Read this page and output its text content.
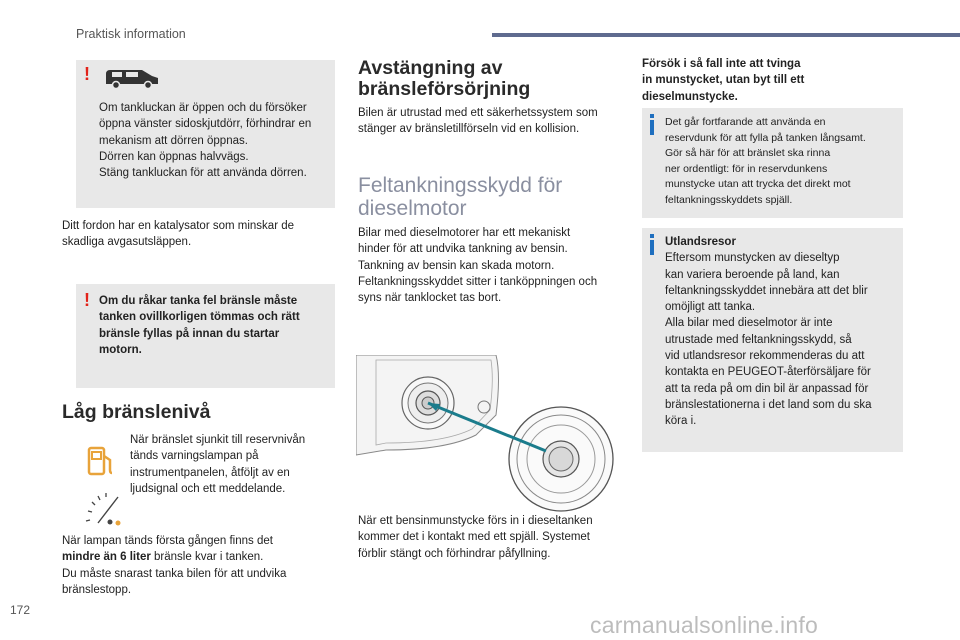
Praktisk information
!

Om tankluckan är öppen och du försöker

öppna vänster sidoskjutdörr, förhindrar en

mekanism att dörren öppnas.

Dörren kan öppnas halvvägs.

Stäng tankluckan för att använda dörren.

Ditt fordon har en katalysator som minskar de

skadliga avgasutsläppen.

! Om du råkar tanka fel bränsle måste

tanken ovillkorligen tömmas och rätt

bränsle fyllas på innan du startar

motorn.

Låg bränslenivå

När bränslet sjunkit till reservnivån

tänds varningslampan på

instrumentpanelen, åtföljt av en

ljudsignal och ett meddelande.

När lampan tänds första gången finns det

mindre än 6 liter bränsle kvar i tanken.

Du måste snarast tanka bilen för att undvika

bränslestopp.

Avstängning av
bränsleförsörjning

Bilen är utrustad med ett säkerhetssystem som

stänger av bränsletillförseln vid en kollision.

Feltankningsskydd för
dieselmotor

Bilar med dieselmotorer har ett mekaniskt

hinder för att undvika tankning av bensin.

Tankning av bensin kan skada motorn.

Feltankningsskyddet sitter i tanköppningen och

syns när tanklocket tas bort.

När ett bensinmunstycke förs in i dieseltanken

kommer det i kontakt med ett spjäll. Systemet

förblir stängt och förhindrar påfyllning.

Försök i så fall inte att tvinga

in munstycket, utan byt till ett

dieselmunstycke.

Det går fortfarande att använda en

reservdunk för att fylla på tanken långsamt.

Gör så här för att bränslet ska rinna

ner ordentligt: för in reservdunkens

munstycke utan att trycka det direkt mot

feltankningsskyddets spjäll.

Utlandsresor

Eftersom munstycken av dieseltyp

kan variera beroende på land, kan

feltankningsskyddet innebära att det blir

omöjligt att tanka.

Alla bilar med dieselmotor är inte

utrustade med feltankningsskydd, så

vid utlandsresor rekommenderas du att

kontakta en PEUGEOT-återförsäljare för

att ta reda på om din bil är anpassad för

bränslestationerna i det land som du ska

köra i.

172
carmanualsonline.info
